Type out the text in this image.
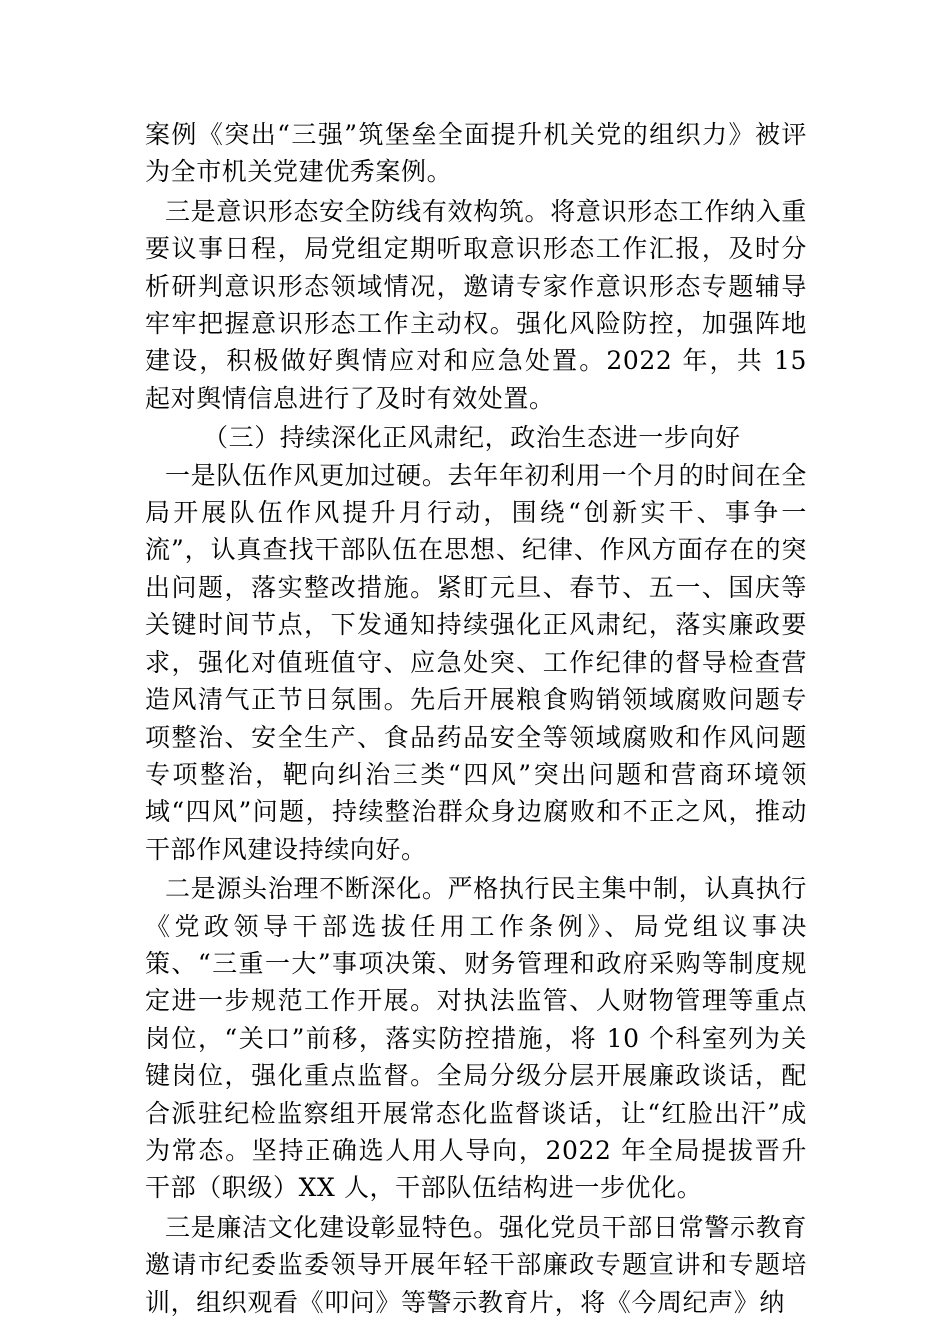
案例《突出“三强”筑堡垒全面提升机关党的组织力》被评为全市机关党建优秀案例。

三是意识形态安全防线有效构筑。将意识形态工作纳入重要议事日程，局党组定期听取意识形态工作汇报，及时分析研判意识形态领域情况，邀请专家作意识形态专题辅导牢牢把握意识形态工作主动权。强化风险防控，加强阵地建设，积极做好舆情应对和应急处置。2022 年，共 15 起对舆情信息进行了及时有效处置。

（三）持续深化正风肃纪，政治生态进一步向好

一是队伍作风更加过硬。去年年初利用一个月的时间在全局开展队伍作风提升月行动，围绕“创新实干、事争一流”，认真查找干部队伍在思想、纪律、作风方面存在的突出问题，落实整改措施。紧盯元旦、春节、五一、国庆等关键时间节点，下发通知持续强化正风肃纪，落实廉政要求，强化对值班值守、应急处突、工作纪律的督导检查营造风清气正节日氛围。先后开展粮食购销领域腐败问题专项整治、安全生产、食品药品安全等领域腐败和作风问题专项整治，靶向纠治三类“四风”突出问题和营商环境领域“四风”问题，持续整治群众身边腐败和不正之风，推动干部作风建设持续向好。

二是源头治理不断深化。严格执行民主集中制，认真执行《党政领导干部选拔任用工作条例》、局党组议事决策、“三重一大”事项决策、财务管理和政府采购等制度规定进一步规范工作开展。对执法监管、人财物管理等重点岗位，“关口”前移，落实防控措施，将 10 个科室列为关键岗位，强化重点监督。全局分级分层开展廉政谈话，配合派驻纪检监察组开展常态化监督谈话，让“红脸出汗”成为常态。坚持正确选人用人导向，2022 年全局提拔晋升干部（职级）XX 人，干部队伍结构进一步优化。

三是廉洁文化建设彰显特色。强化党员干部日常警示教育邀请市纪委监委领导开展年轻干部廉政专题宣讲和专题培训，组织观看《叩问》等警示教育片，将《今周纪声》纳
